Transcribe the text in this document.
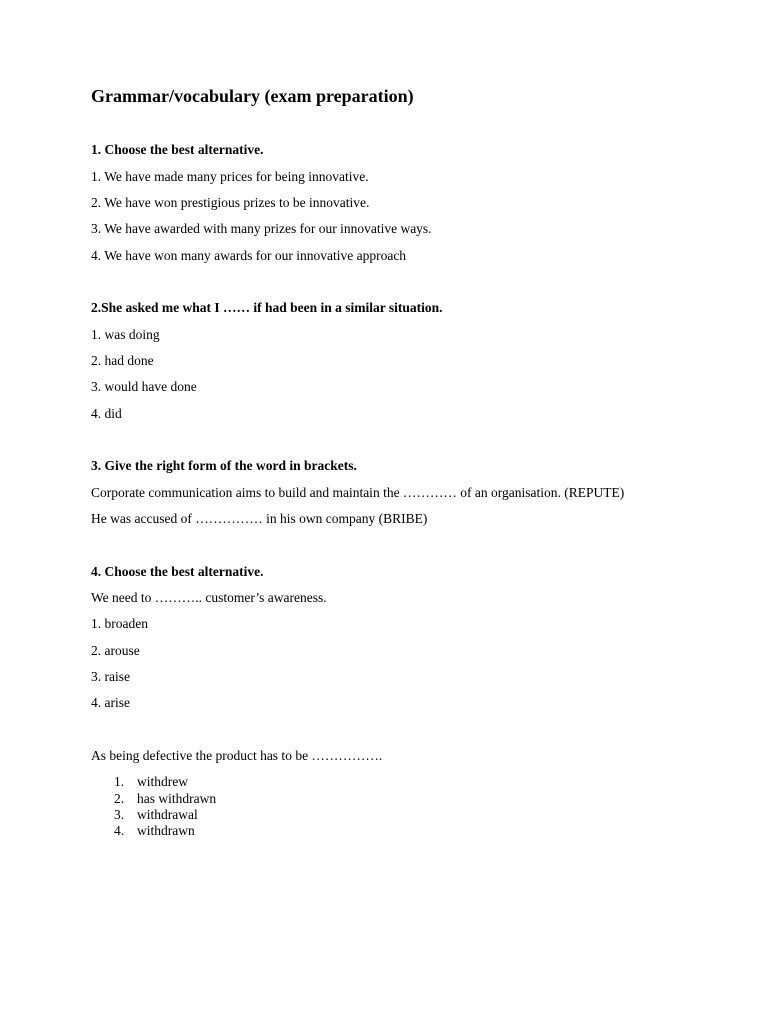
Grammar/vocabulary (exam preparation)
1. Choose the best alternative.
1. We have made many prices for being innovative.
2. We have won prestigious prizes to be innovative.
3. We have awarded with many prizes for our innovative ways.
4. We have won many awards for our innovative approach
2.She asked me what I …… if had been in a similar situation.
1. was doing
2. had done
3. would have done
4. did
3. Give the right form of the word in brackets.
Corporate communication aims to build and maintain the ………… of an organisation. (REPUTE)
He was accused of …………… in his own company (BRIBE)
4. Choose the best alternative.
We need to ……….. customer’s awareness.
1. broaden
2. arouse
3. raise
4. arise
As being defective the product has to be …………….
1. withdrew
2. has withdrawn
3. withdrawal
4. withdrawn
